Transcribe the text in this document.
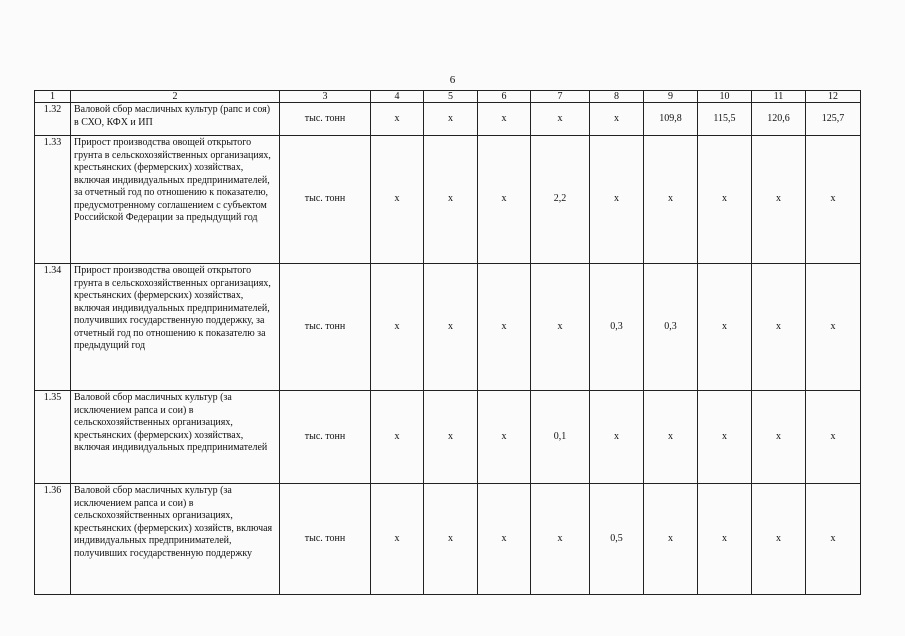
6
1	2	3	4	5	6	7	8	9	10	11	12
1.32	Валовой сбор масличных культур (рапс и соя) в СХО, КФХ и ИП	тыс. тонн	х	х	х	х	х	109,8	115,5	120,6	125,7
1.33	Прирост производства овощей открытого грунта в сельскохозяйственных организациях, крестьянских (фермерских) хозяйствах, включая индивидуальных предпринимателей, за отчетный год по отношению к показателю, предусмотренному соглашением с субъектом Российской Федерации за предыдущий год	тыс. тонн	х	х	х	2,2	х	х	х	х	х
1.34	Прирост производства овощей открытого грунта в сельскохозяйственных организациях, крестьянских (фермерских) хозяйствах, включая индивидуальных предпринимателей, получивших государственную поддержку, за отчетный год по отношению к показателю за предыдущий год	тыс. тонн	х	х	х	х	0,3	0,3	х	х	х
1.35	Валовой сбор масличных культур (за исключением рапса и сои) в сельскохозяйственных организациях, крестьянских (фермерских) хозяйствах, включая индивидуальных предпринимателей	тыс. тонн	х	х	х	0,1	х	х	х	х	х
1.36	Валовой сбор масличных культур (за исключением рапса и сои) в сельскохозяйственных организациях, крестьянских (фермерских) хозяйств, включая индивидуальных предпринимателей, получивших государственную поддержку	тыс. тонн	х	х	х	х	0,5	х	х	х	х
